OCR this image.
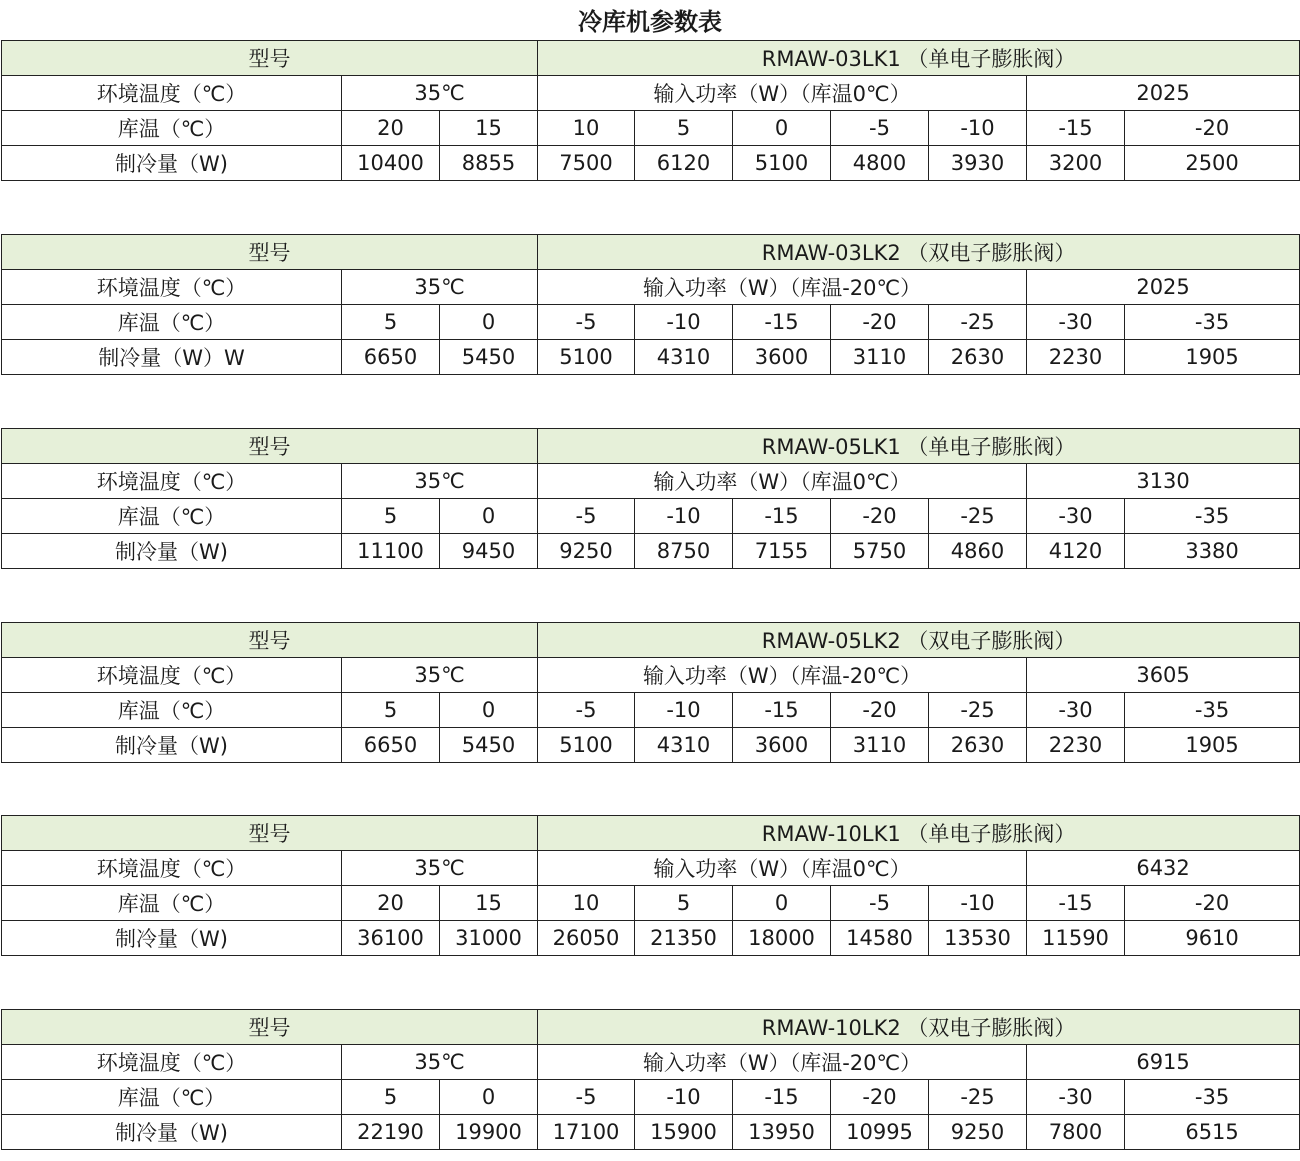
冷库机参数表
型号			RMAW-03LK1 （单电子膨胀阀）						
环境温度（℃）	35℃		输入功率（W）（库温0℃）					2025	
库温（℃）	20	15	10	5	0	-5	-10	-15	-20
制冷量（W)	10400	8855	7500	6120	5100	4800	3930	3200	2500
型号			RMAW-03LK2 （双电子膨胀阀）						
环境温度（℃）	35℃		输入功率（W）（库温-20℃）					2025	
库温（℃）	5	0	-5	-10	-15	-20	-25	-30	-35
制冷量（W）W	6650	5450	5100	4310	3600	3110	2630	2230	1905
型号			RMAW-05LK1 （单电子膨胀阀）						
环境温度（℃）	35℃		输入功率（W）（库温0℃）					3130	
库温（℃）	5	0	-5	-10	-15	-20	-25	-30	-35
制冷量（W)	11100	9450	9250	8750	7155	5750	4860	4120	3380
型号			RMAW-05LK2 （双电子膨胀阀）						
环境温度（℃）	35℃		输入功率（W）（库温-20℃）					3605	
库温（℃）	5	0	-5	-10	-15	-20	-25	-30	-35
制冷量（W)	6650	5450	5100	4310	3600	3110	2630	2230	1905
型号			RMAW-10LK1 （单电子膨胀阀）						
环境温度（℃）	35℃		输入功率（W）（库温0℃）					6432	
库温（℃）	20	15	10	5	0	-5	-10	-15	-20
制冷量（W)	36100	31000	26050	21350	18000	14580	13530	11590	9610
型号			RMAW-10LK2 （双电子膨胀阀）						
环境温度（℃）	35℃		输入功率（W）（库温-20℃）					6915	
库温（℃）	5	0	-5	-10	-15	-20	-25	-30	-35
制冷量（W)	22190	19900	17100	15900	13950	10995	9250	7800	6515
